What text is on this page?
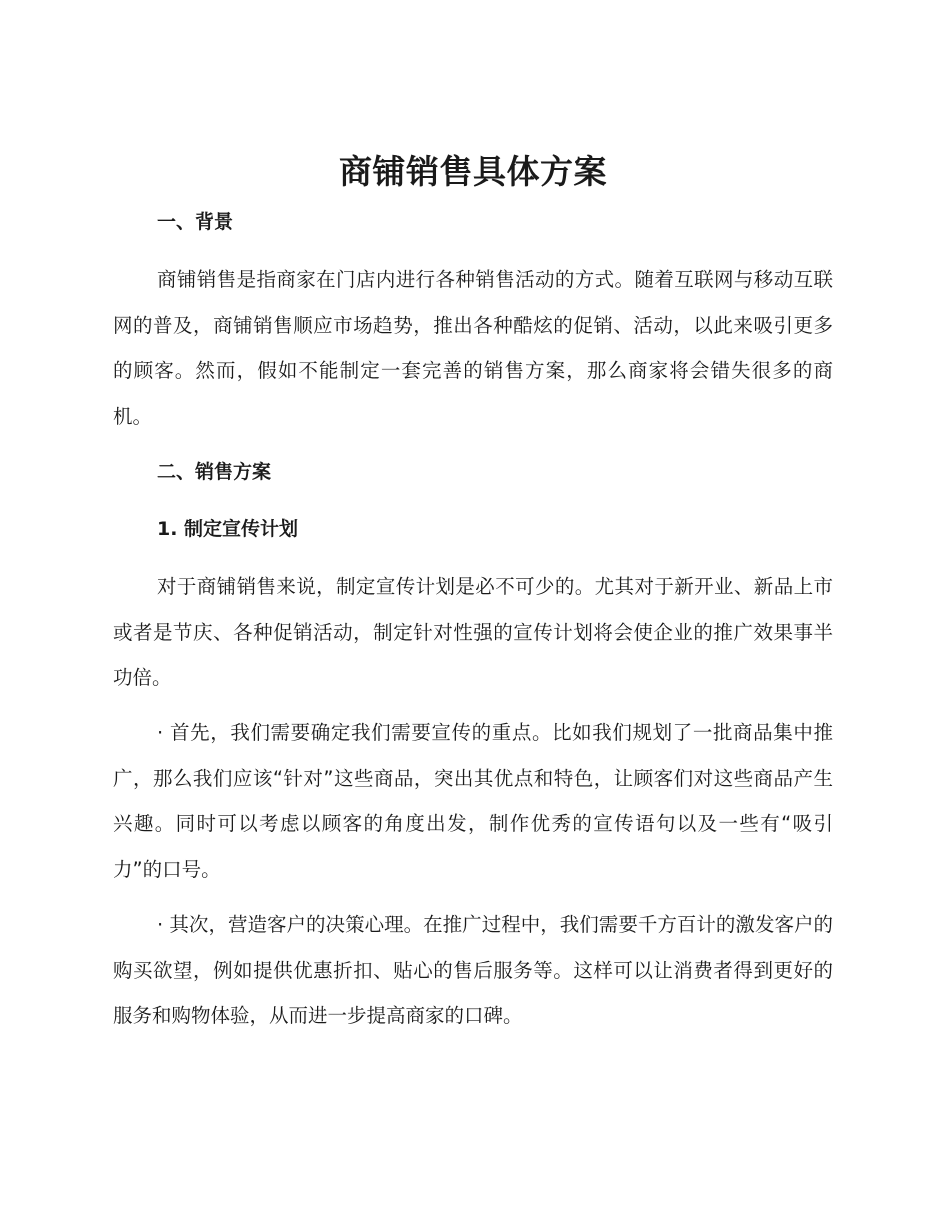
商铺销售具体方案
一、背景

商铺销售是指商家在门店内进行各种销售活动的方式。随着互联网与移动互联网的普及，商铺销售顺应市场趋势，推出各种酷炫的促销、活动，以此来吸引更多的顾客。然而，假如不能制定一套完善的销售方案，那么商家将会错失很多的商机。

二、销售方案
1. 制定宣传计划

对于商铺销售来说，制定宣传计划是必不可少的。尤其对于新开业、新品上市或者是节庆、各种促销活动，制定针对性强的宣传计划将会使企业的推广效果事半功倍。

· 首先，我们需要确定我们需要宣传的重点。比如我们规划了一批商品集中推广，那么我们应该“针对”这些商品，突出其优点和特色，让顾客们对这些商品产生兴趣。同时可以考虑以顾客的角度出发，制作优秀的宣传语句以及一些有“吸引力”的口号。

· 其次，营造客户的决策心理。在推广过程中，我们需要千方百计的激发客户的购买欲望，例如提供优惠折扣、贴心的售后服务等。这样可以让消费者得到更好的服务和购物体验，从而进一步提高商家的口碑。
